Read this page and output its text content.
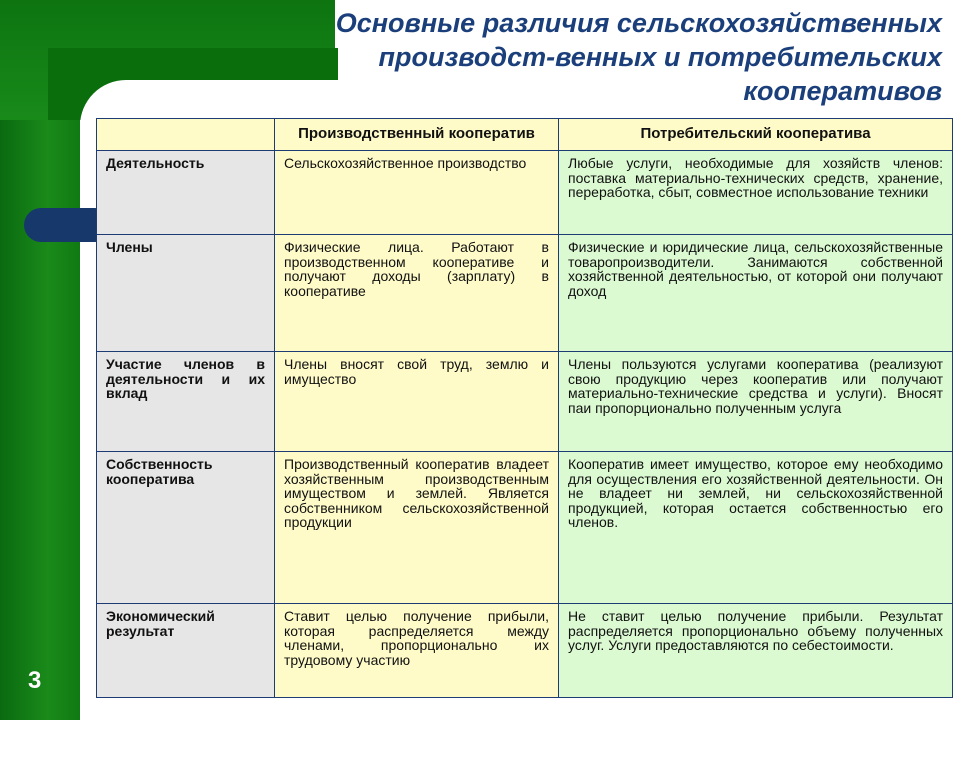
Основные различия сельскохозяйственных производст-венных и потребительских кооперативов
	Производственный кооператив	Потребительский кооператива
Деятельность	Сельскохозяйственное производство	Любые услуги, необходимые для хозяйств членов: поставка материально-технических средств, хранение, переработка, сбыт, совместное использование техники
Члены	Физические лица. Работают в производственном кооперативе и получают доходы (зарплату) в кооперативе	Физические и юридические лица, сельскохозяйственные товаропроизводители. Занимаются собственной хозяйственной деятельностью, от которой они получают доход
Участие членов в деятельности и их вклад	Члены вносят свой труд, землю и имущество	Члены пользуются услугами кооператива (реализуют свою продукцию через кооператив или получают материально-технические средства и услуги). Вносят паи пропорционально полученным услуга
Собственность кооператива	Производственный кооператив владеет хозяйственным производственным имуществом и землей. Является собственником сельскохозяйственной продукции	Кооператив имеет имущество, которое ему необходимо для осуществления его хозяйственной деятельности. Он не владеет ни землей, ни сельскохозяйственной продукцией, которая остается собственностью его членов.
Экономический результат	Ставит целью получение прибыли, которая распределяется между членами, пропорционально их трудовому участию	Не ставит целью получение прибыли. Результат распределяется пропорционально объему полученных услуг. Услуги предоставляются по себестоимости.
3
